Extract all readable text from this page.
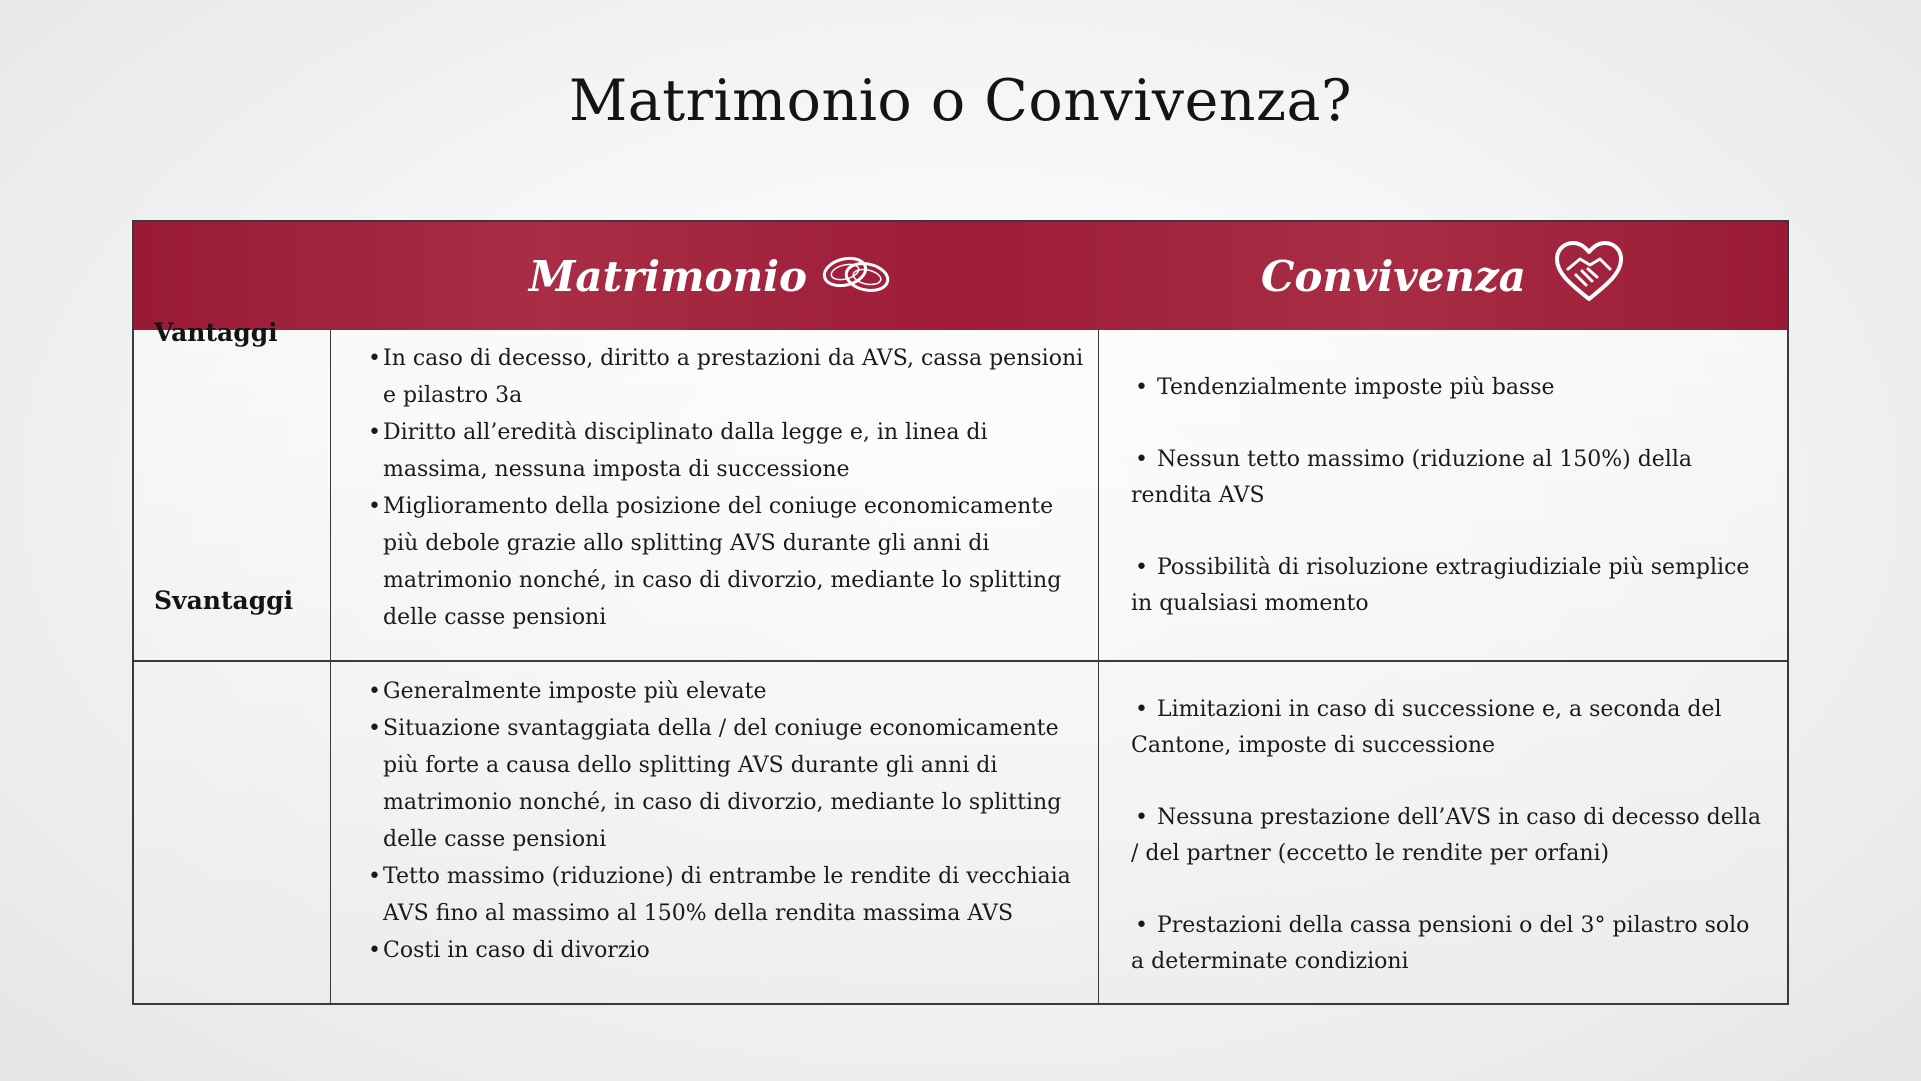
Matrimonio o Convivenza?
Matrimonio	Convivenza
Vantaggi
• In caso di decesso, diritto a prestazioni da AVS, cassa pensioni e pilastro 3a
• Diritto all’eredità disciplinato dalla legge e, in linea di massima, nessuna imposta di successione
• Miglioramento della posizione del coniuge economicamente più debole grazie allo splitting AVS durante gli anni di matrimonio nonché, in caso di divorzio, mediante lo splitting delle casse pensioni
• Tendenzialmente imposte più basse
• Nessun tetto massimo (riduzione al 150%) della rendita AVS
• Possibilità di risoluzione extragiudiziale più semplice in qualsiasi momento
Svantaggi
• Generalmente imposte più elevate
• Situazione svantaggiata della / del coniuge economicamente più forte a causa dello splitting AVS durante gli anni di matrimonio nonché, in caso di divorzio, mediante lo splitting delle casse pensioni
• Tetto massimo (riduzione) di entrambe le rendite di vecchiaia AVS fino al massimo al 150% della rendita massima AVS
• Costi in caso di divorzio
• Limitazioni in caso di successione e, a seconda del Cantone, imposte di successione
• Nessuna prestazione dell’AVS in caso di decesso della / del partner (eccetto le rendite per orfani)
• Prestazioni della cassa pensioni o del 3° pilastro solo a determinate condizioni
